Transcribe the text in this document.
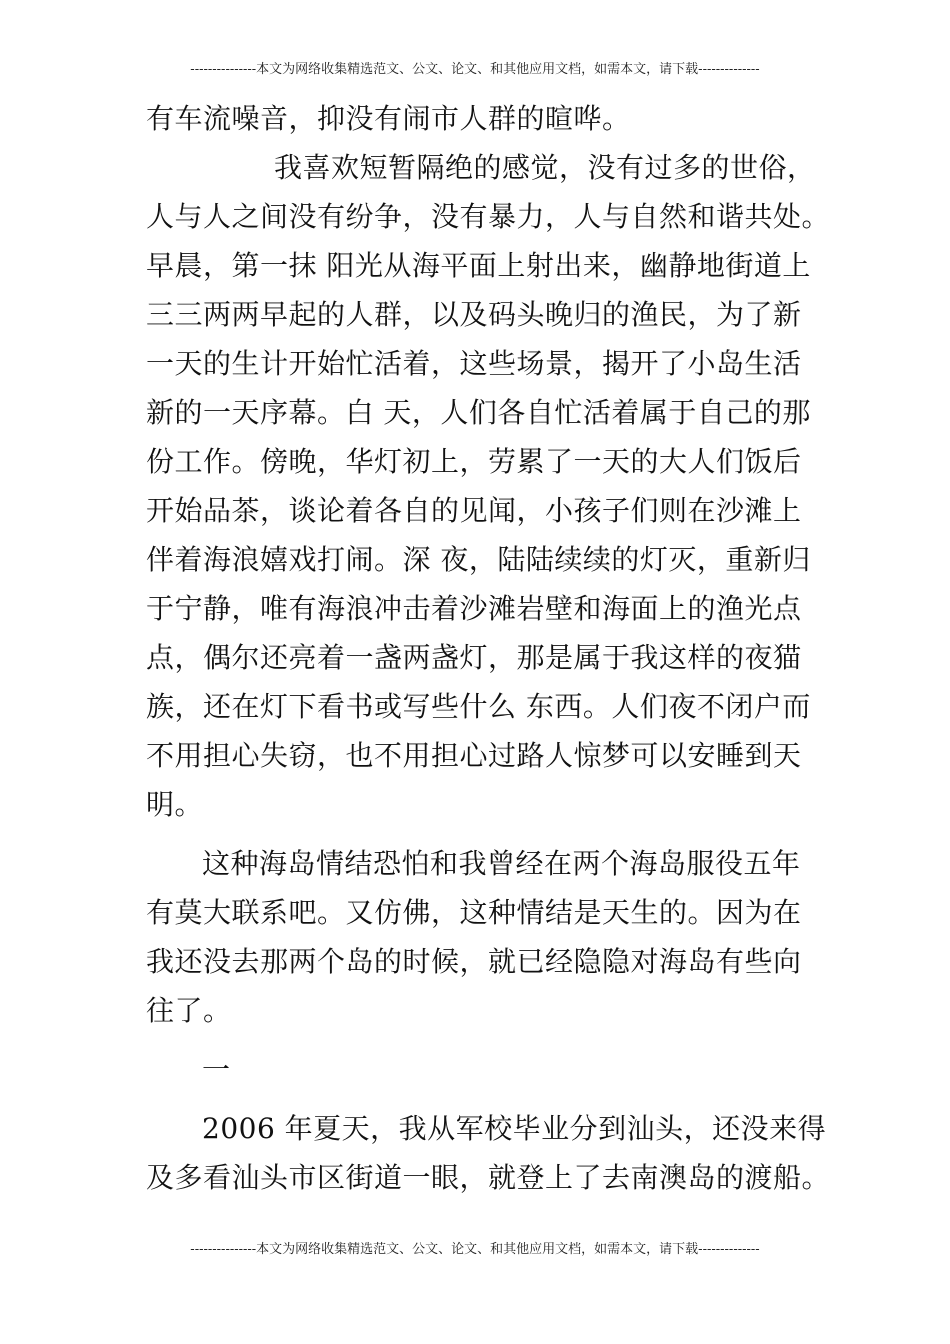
---------------本文为网络收集精选范文、公文、论文、和其他应用文档，如需本文，请下载--------------
有车流噪音，抑没有闹市人群的暄哗。
我喜欢短暂隔绝的感觉，没有过多的世俗，
人与人之间没有纷争，没有暴力，人与自然和谐共处。
早晨，第一抹 阳光从海平面上射出来，幽静地街道上
三三两两早起的人群，以及码头晚归的渔民，为了新
一天的生计开始忙活着，这些场景，揭开了小岛生活
新的一天序幕。白 天，人们各自忙活着属于自己的那
份工作。傍晚，华灯初上，劳累了一天的大人们饭后
开始品茶，谈论着各自的见闻，小孩子们则在沙滩上
伴着海浪嬉戏打闹。深 夜，陆陆续续的灯灭，重新归
于宁静，唯有海浪冲击着沙滩岩壁和海面上的渔光点
点，偶尔还亮着一盏两盏灯，那是属于我这样的夜猫
族，还在灯下看书或写些什么 东西。人们夜不闭户而
不用担心失窃，也不用担心过路人惊梦可以安睡到天
明。
这种海岛情结恐怕和我曾经在两个海岛服役五年
有莫大联系吧。又仿佛，这种情结是天生的。因为在
我还没去那两个岛的时候，就已经隐隐对海岛有些向
往了。
一
2006 年夏天，我从军校毕业分到汕头，还没来得
及多看汕头市区街道一眼，就登上了去南澳岛的渡船。
---------------本文为网络收集精选范文、公文、论文、和其他应用文档，如需本文，请下载--------------
